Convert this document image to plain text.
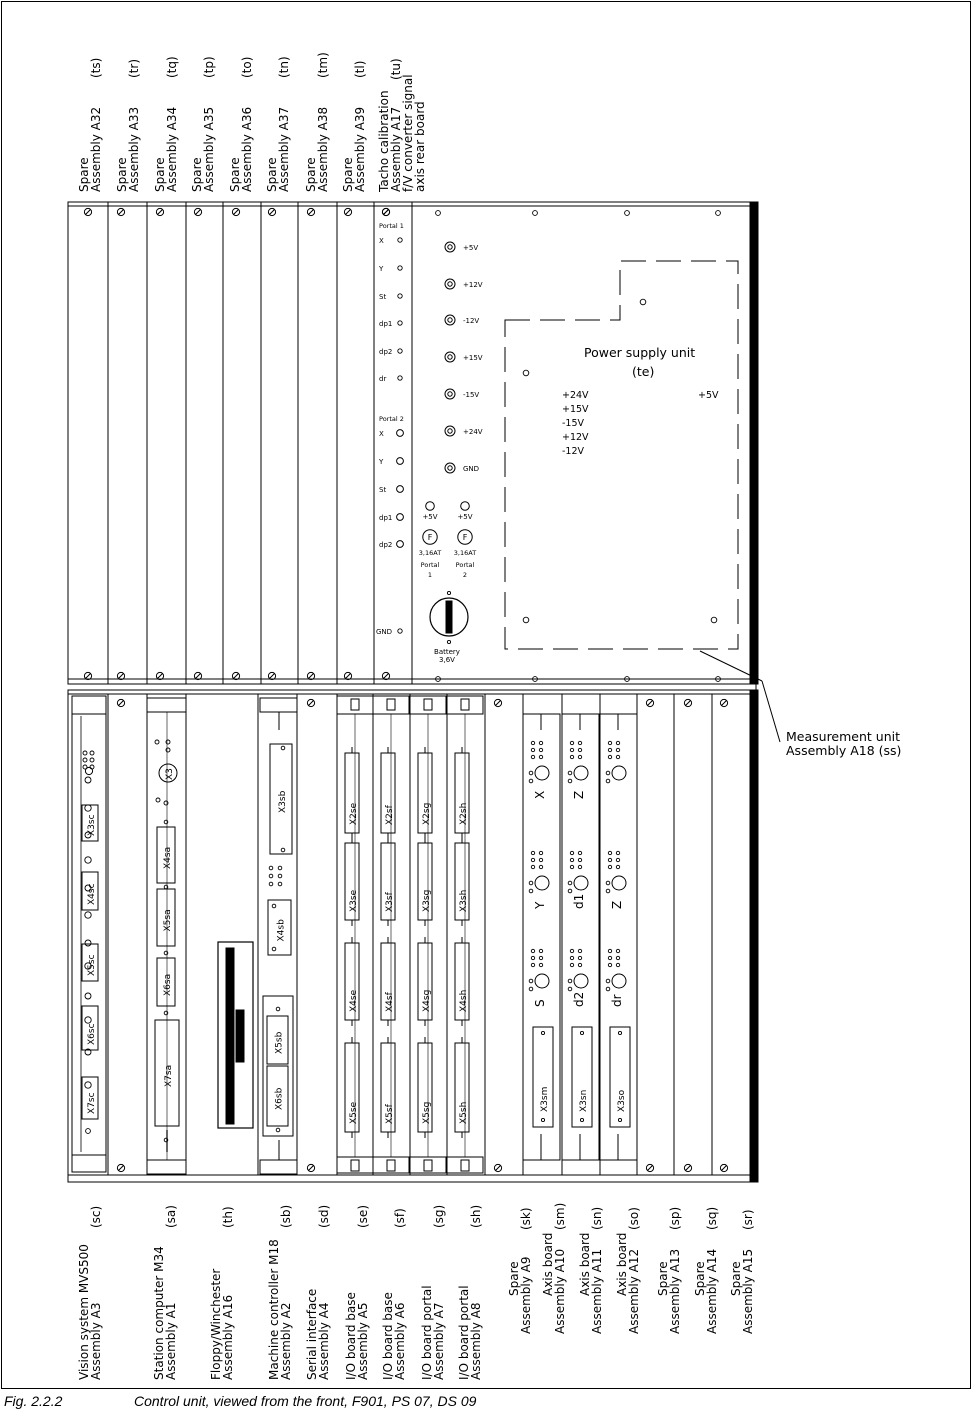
Spare
Assembly A32
(ts)
Spare
Assembly A33
(tr)
Spare
Assembly A34
(tq)
Spare
Assembly A35
(tp)
Spare
Assembly A36
(to)
Spare
Assembly A37
(tn)
Spare
Assembly A38
(tm)
Spare
Assembly A39
(tl)
Tacho calibration
Assembly A17
(tu)
f/V converter signal
axis rear board
Vision system MVS500
Assembly A3
(sc)
Station computer M34
Assembly A1
(sa)
Floppy/Winchester
Assembly A16
(th)
Machine controller M18
Assembly A2
(sb)
Serial interface
Assembly A4
(sd)
I/O board base
Assembly A5
(se)
I/O board base
Assembly A6
(sf)
I/O board portal
Assembly A7
(sg)
I/O board portal
Assembly A8
(sh)
Spare
Assembly A9
(sk)
Axis board
Assembly A10
(sm)
Axis board
Assembly A11
(sn)
Axis board
Assembly A12
(so)
Spare
Assembly A13
(sp)
Spare
Assembly A14
(sq)
Spare
Assembly A15
(sr)
Measurement unit
Assembly A18 (ss)
Power supply unit
(te)
+24V
+15V
-15V
+12V
-12V
+5V
+5V
+12V
-12V
+15V
-15V
+24V
GND
Portal 1
X
Y
St
dp1
dp2
dr
Portal 2
X
Y
St
dp1
dp2
GND
+5V
F
3,16AT
Portal
1
+5V
F
3,16AT
Portal
2
Battery
3,6V
X7sc
X6sc
X5sc
X4sc
X3sc
X7sa
X6sa
X5sa
X4sa
X3
X6sb
X5sb
X4sb
X3sb
X5se
X4se
X3se
X2se
X5sf
X4sf
X3sf
X2sf
X5sg
X4sg
X3sg
X2sg
X5sh
X4sh
X3sh
X2sh
X3sm
S
Y
X
X3sn
d2
d1
Z
X3so
dr
Z
Fig. 2.2.2	Control unit, viewed from the front, F901, PS 07, DS 09
